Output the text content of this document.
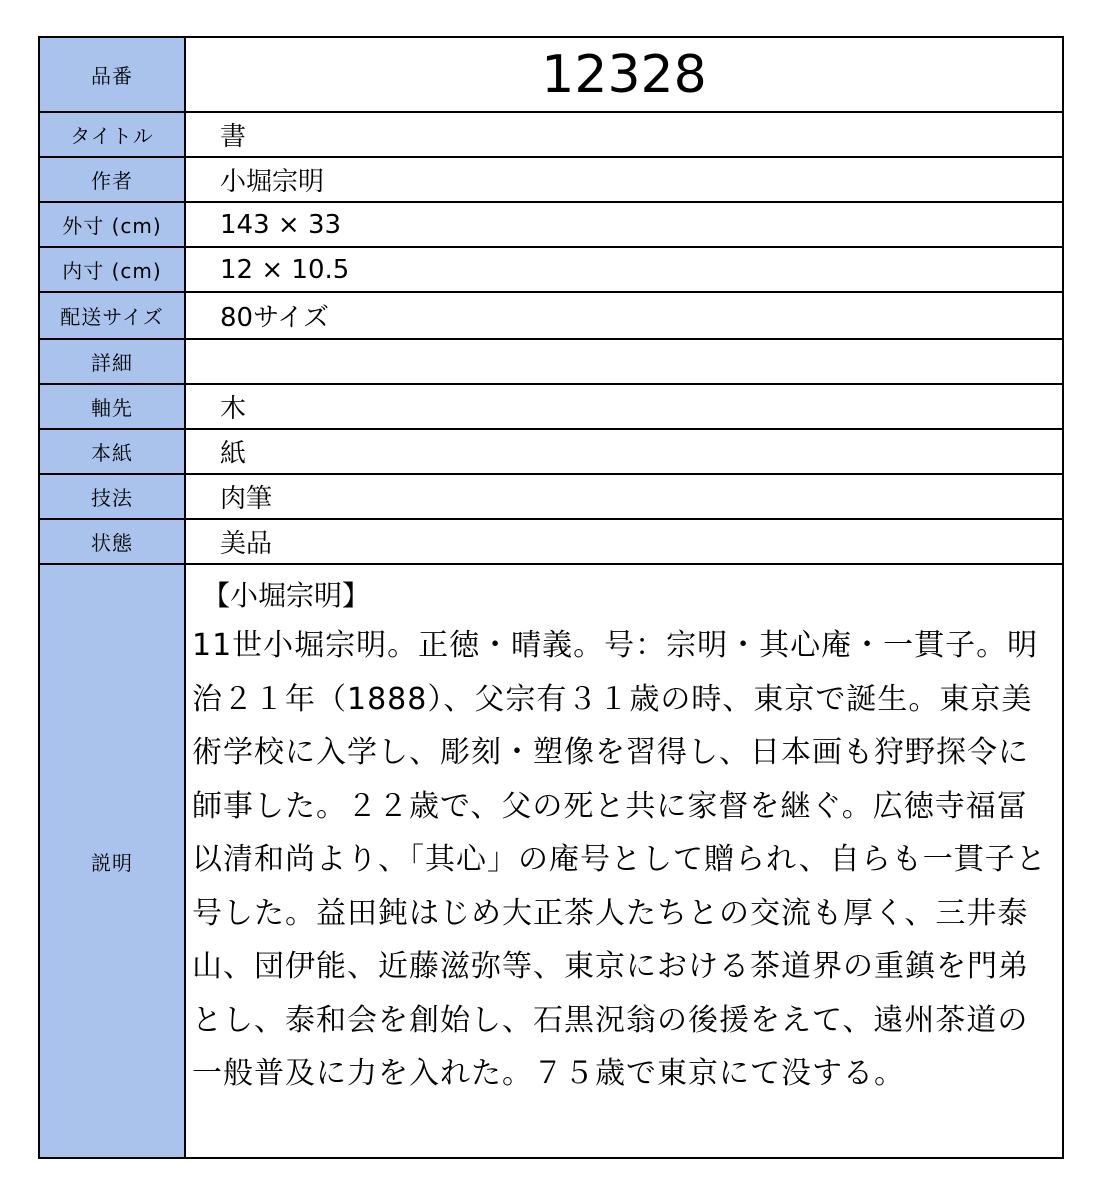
品番	12328
タイトル	書
作者	小堀宗明
外寸 (cm)	143 × 33
内寸 (cm)	12 × 10.5
配送サイズ	80サイズ
詳細	
軸先	木
本紙	紙
技法	肉筆
状態	美品
説明	【小堀宗明】
11世小堀宗明。正徳・晴義。号：宗明・其心庵・一貫子。明治２１年（1888）、父宗有３１歳の時、東京で誕生。東京美術学校に入学し、彫刻・塑像を習得し、日本画も狩野探令に師事した。２２歳で、父の死と共に家督を継ぐ。広徳寺福冨以清和尚より、「其心」の庵号として贈られ、自らも一貫子と号した。益田鈍はじめ大正茶人たちとの交流も厚く、三井泰山、団伊能、近藤滋弥等、東京における茶道界の重鎮を門弟とし、泰和会を創始し、石黒況翁の後援をえて、遠州茶道の一般普及に力を入れた。７５歳で東京にて没する。
